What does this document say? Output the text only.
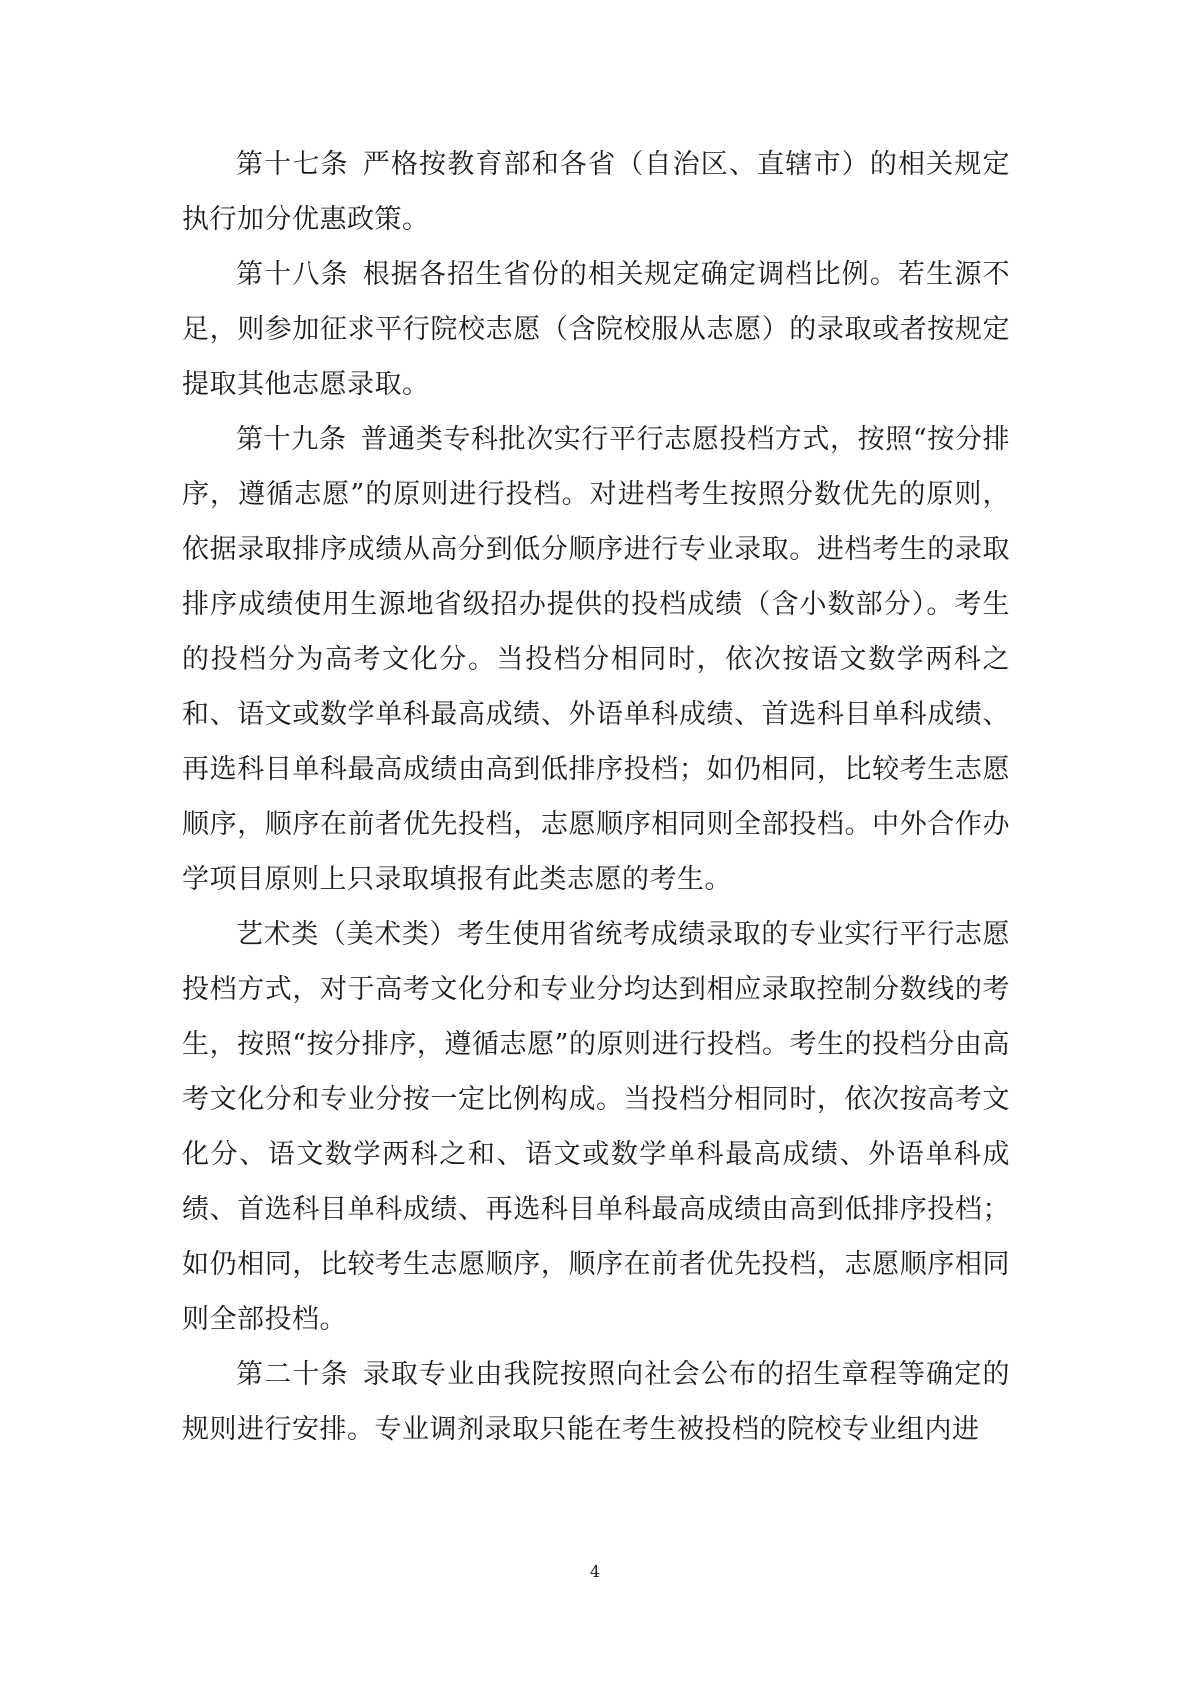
第十七条 严格按教育部和各省（自治区、直辖市）的相关规定执行加分优惠政策。

第十八条 根据各招生省份的相关规定确定调档比例。若生源不足，则参加征求平行院校志愿（含院校服从志愿）的录取或者按规定提取其他志愿录取。

第十九条 普通类专科批次实行平行志愿投档方式，按照“按分排序，遵循志愿”的原则进行投档。对进档考生按照分数优先的原则，依据录取排序成绩从高分到低分顺序进行专业录取。进档考生的录取排序成绩使用生源地省级招办提供的投档成绩（含小数部分）。考生的投档分为高考文化分。当投档分相同时，依次按语文数学两科之和、语文或数学单科最高成绩、外语单科成绩、首选科目单科成绩、再选科目单科最高成绩由高到低排序投档；如仍相同，比较考生志愿顺序，顺序在前者优先投档，志愿顺序相同则全部投档。中外合作办学项目原则上只录取填报有此类志愿的考生。

艺术类（美术类）考生使用省统考成绩录取的专业实行平行志愿投档方式，对于高考文化分和专业分均达到相应录取控制分数线的考生，按照“按分排序，遵循志愿”的原则进行投档。考生的投档分由高考文化分和专业分按一定比例构成。当投档分相同时，依次按高考文化分、语文数学两科之和、语文或数学单科最高成绩、外语单科成绩、首选科目单科成绩、再选科目单科最高成绩由高到低排序投档；如仍相同，比较考生志愿顺序，顺序在前者优先投档，志愿顺序相同则全部投档。

第二十条 录取专业由我院按照向社会公布的招生章程等确定的规则进行安排。专业调剂录取只能在考生被投档的院校专业组内进

4
